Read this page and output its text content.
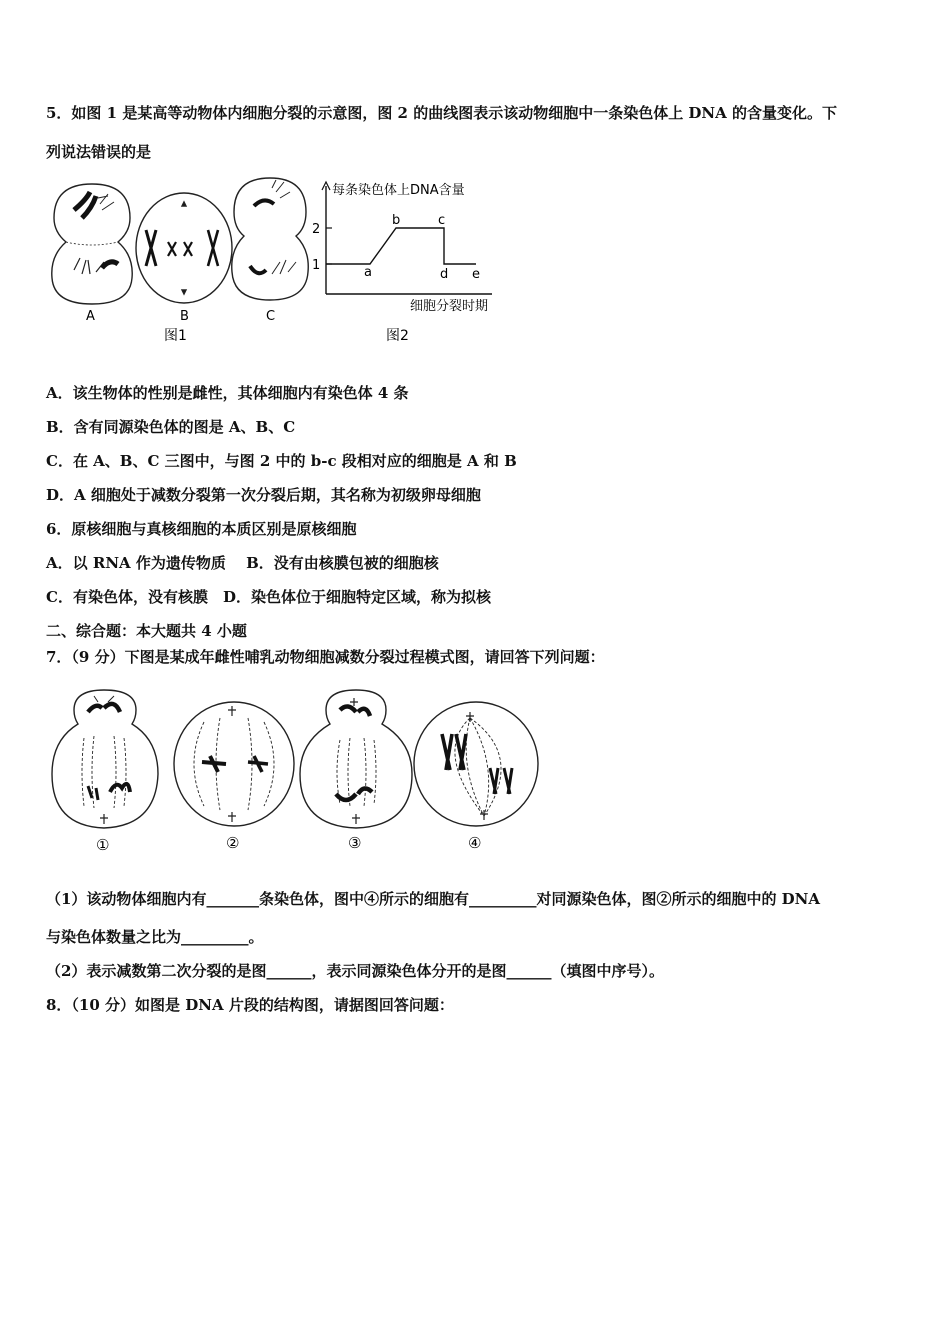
5．如图 1 是某高等动物体内细胞分裂的示意图，图 2 的曲线图表示该动物细胞中一条染色体上 DNA 的含量变化。下
列说法错误的是
A	B	C
图1
每条染色体上DNA含量
细胞分裂时期
2
1	a
b	c
d e
图2
A．该生物体的性别是雌性，其体细胞内有染色体 4 条
B．含有同源染色体的图是 A、B、C
C．在 A、B、C 三图中，与图 2 中的 b-c 段相对应的细胞是 A 和 B
D．A 细胞处于减数分裂第一次分裂后期，其名称为初级卵母细胞
6．原核细胞与真核细胞的本质区别是原核细胞
A．以 RNA 作为遗传物质　 B．没有由核膜包被的细胞核
C．有染色体，没有核膜　D．染色体位于细胞特定区域，称为拟核
二、综合题：本大题共 4 小题
7．（9 分）下图是某成年雌性哺乳动物细胞减数分裂过程模式图，请回答下列问题：
①	②	③	④
（1）该动物体细胞内有_______条染色体，图中④所示的细胞有_________对同源染色体，图②所示的细胞中的 DNA
与染色体数量之比为_________。
（2）表示减数第二次分裂的是图______，表示同源染色体分开的是图______（填图中序号）。
8．（10 分）如图是 DNA 片段的结构图，请据图回答问题：
